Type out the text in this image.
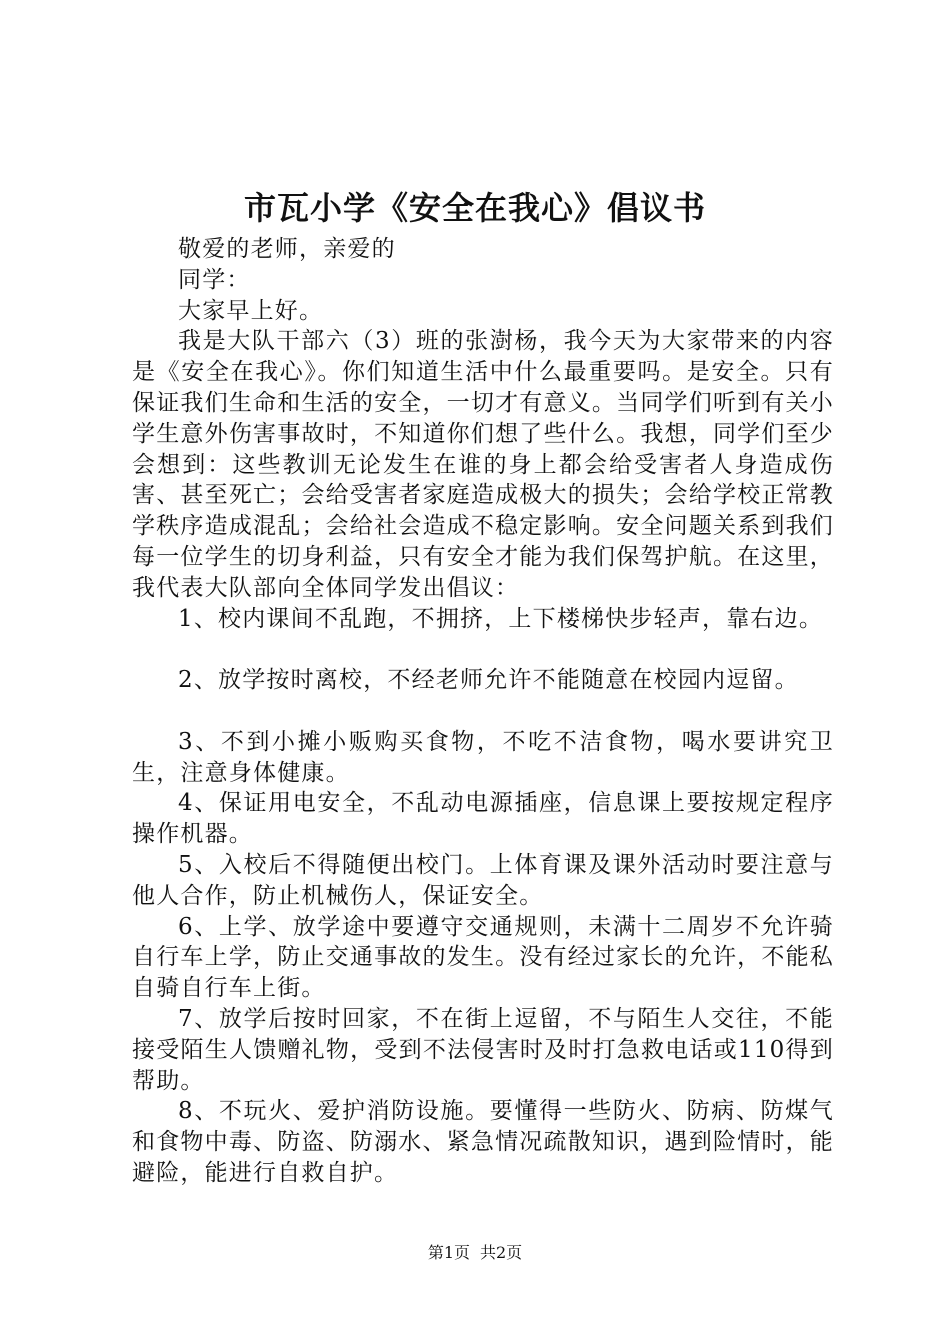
市瓦小学《安全在我心》倡议书

敬爱的老师，亲爱的

同学：

大家早上好。

我是大队干部六（3）班的张澍杨，我今天为大家带来的内容是《安全在我心》。你们知道生活中什么最重要吗。是安全。只有保证我们生命和生活的安全，一切才有意义。当同学们听到有关小学生意外伤害事故时，不知道你们想了些什么。我想，同学们至少会想到：这些教训无论发生在谁的身上都会给受害者人身造成伤害、甚至死亡；会给受害者家庭造成极大的损失；会给学校正常教学秩序造成混乱；会给社会造成不稳定影响。安全问题关系到我们每一位学生的切身利益，只有安全才能为我们保驾护航。在这里，我代表大队部向全体同学发出倡议：

1、校内课间不乱跑，不拥挤，上下楼梯快步轻声，靠右边。

2、放学按时离校，不经老师允许不能随意在校园内逗留。

3、不到小摊小贩购买食物，不吃不洁食物，喝水要讲究卫生，注意身体健康。

4、保证用电安全，不乱动电源插座，信息课上要按规定程序操作机器。

5、入校后不得随便出校门。上体育课及课外活动时要注意与他人合作，防止机械伤人，保证安全。

6、上学、放学途中要遵守交通规则，未满十二周岁不允许骑自行车上学，防止交通事故的发生。没有经过家长的允许，不能私自骑自行车上街。

7、放学后按时回家，不在街上逗留，不与陌生人交往，不能接受陌生人馈赠礼物，受到不法侵害时及时打急救电话或110得到帮助。

8、不玩火、爱护消防设施。要懂得一些防火、防病、防煤气和食物中毒、防盗、防溺水、紧急情况疏散知识，遇到险情时，能避险，能进行自救自护。

第1页 共2页
